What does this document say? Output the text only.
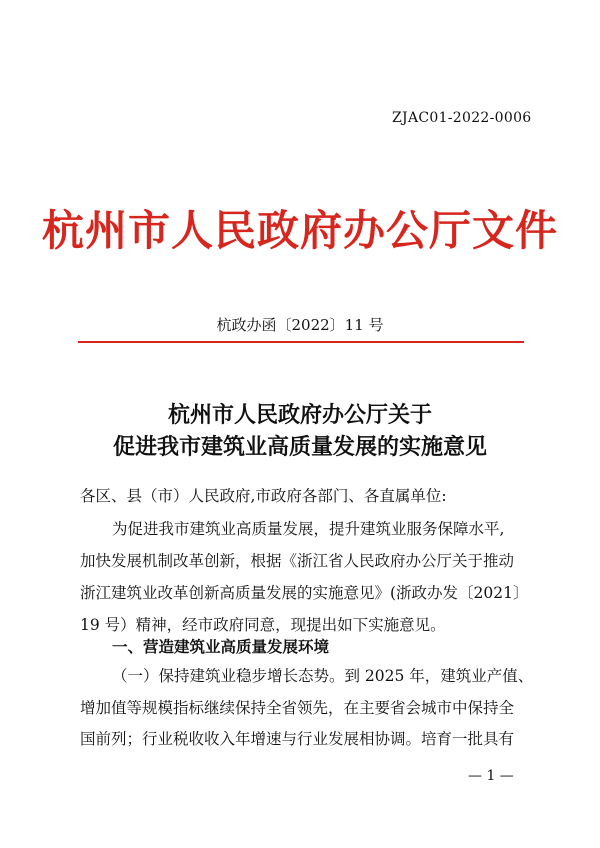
ZJAC01-2022-0006
杭州市人民政府办公厅文件
杭政办函〔2022〕11 号
杭州市人民政府办公厅关于
促进我市建筑业高质量发展的实施意见
各区、县（市）人民政府,市政府各部门、各直属单位:
为促进我市建筑业高质量发展，提升建筑业服务保障水平,
加快发展机制改革创新，根据《浙江省人民政府办公厅关于推动
浙江建筑业改革创新高质量发展的实施意见》(浙政办发〔2021〕
19 号）精神，经市政府同意，现提出如下实施意见。
一、营造建筑业高质量发展环境
（一）保持建筑业稳步增长态势。到 2025 年，建筑业产值、
增加值等规模指标继续保持全省领先，在主要省会城市中保持全
国前列；行业税收收入年增速与行业发展相协调。培育一批具有
— 1 —
